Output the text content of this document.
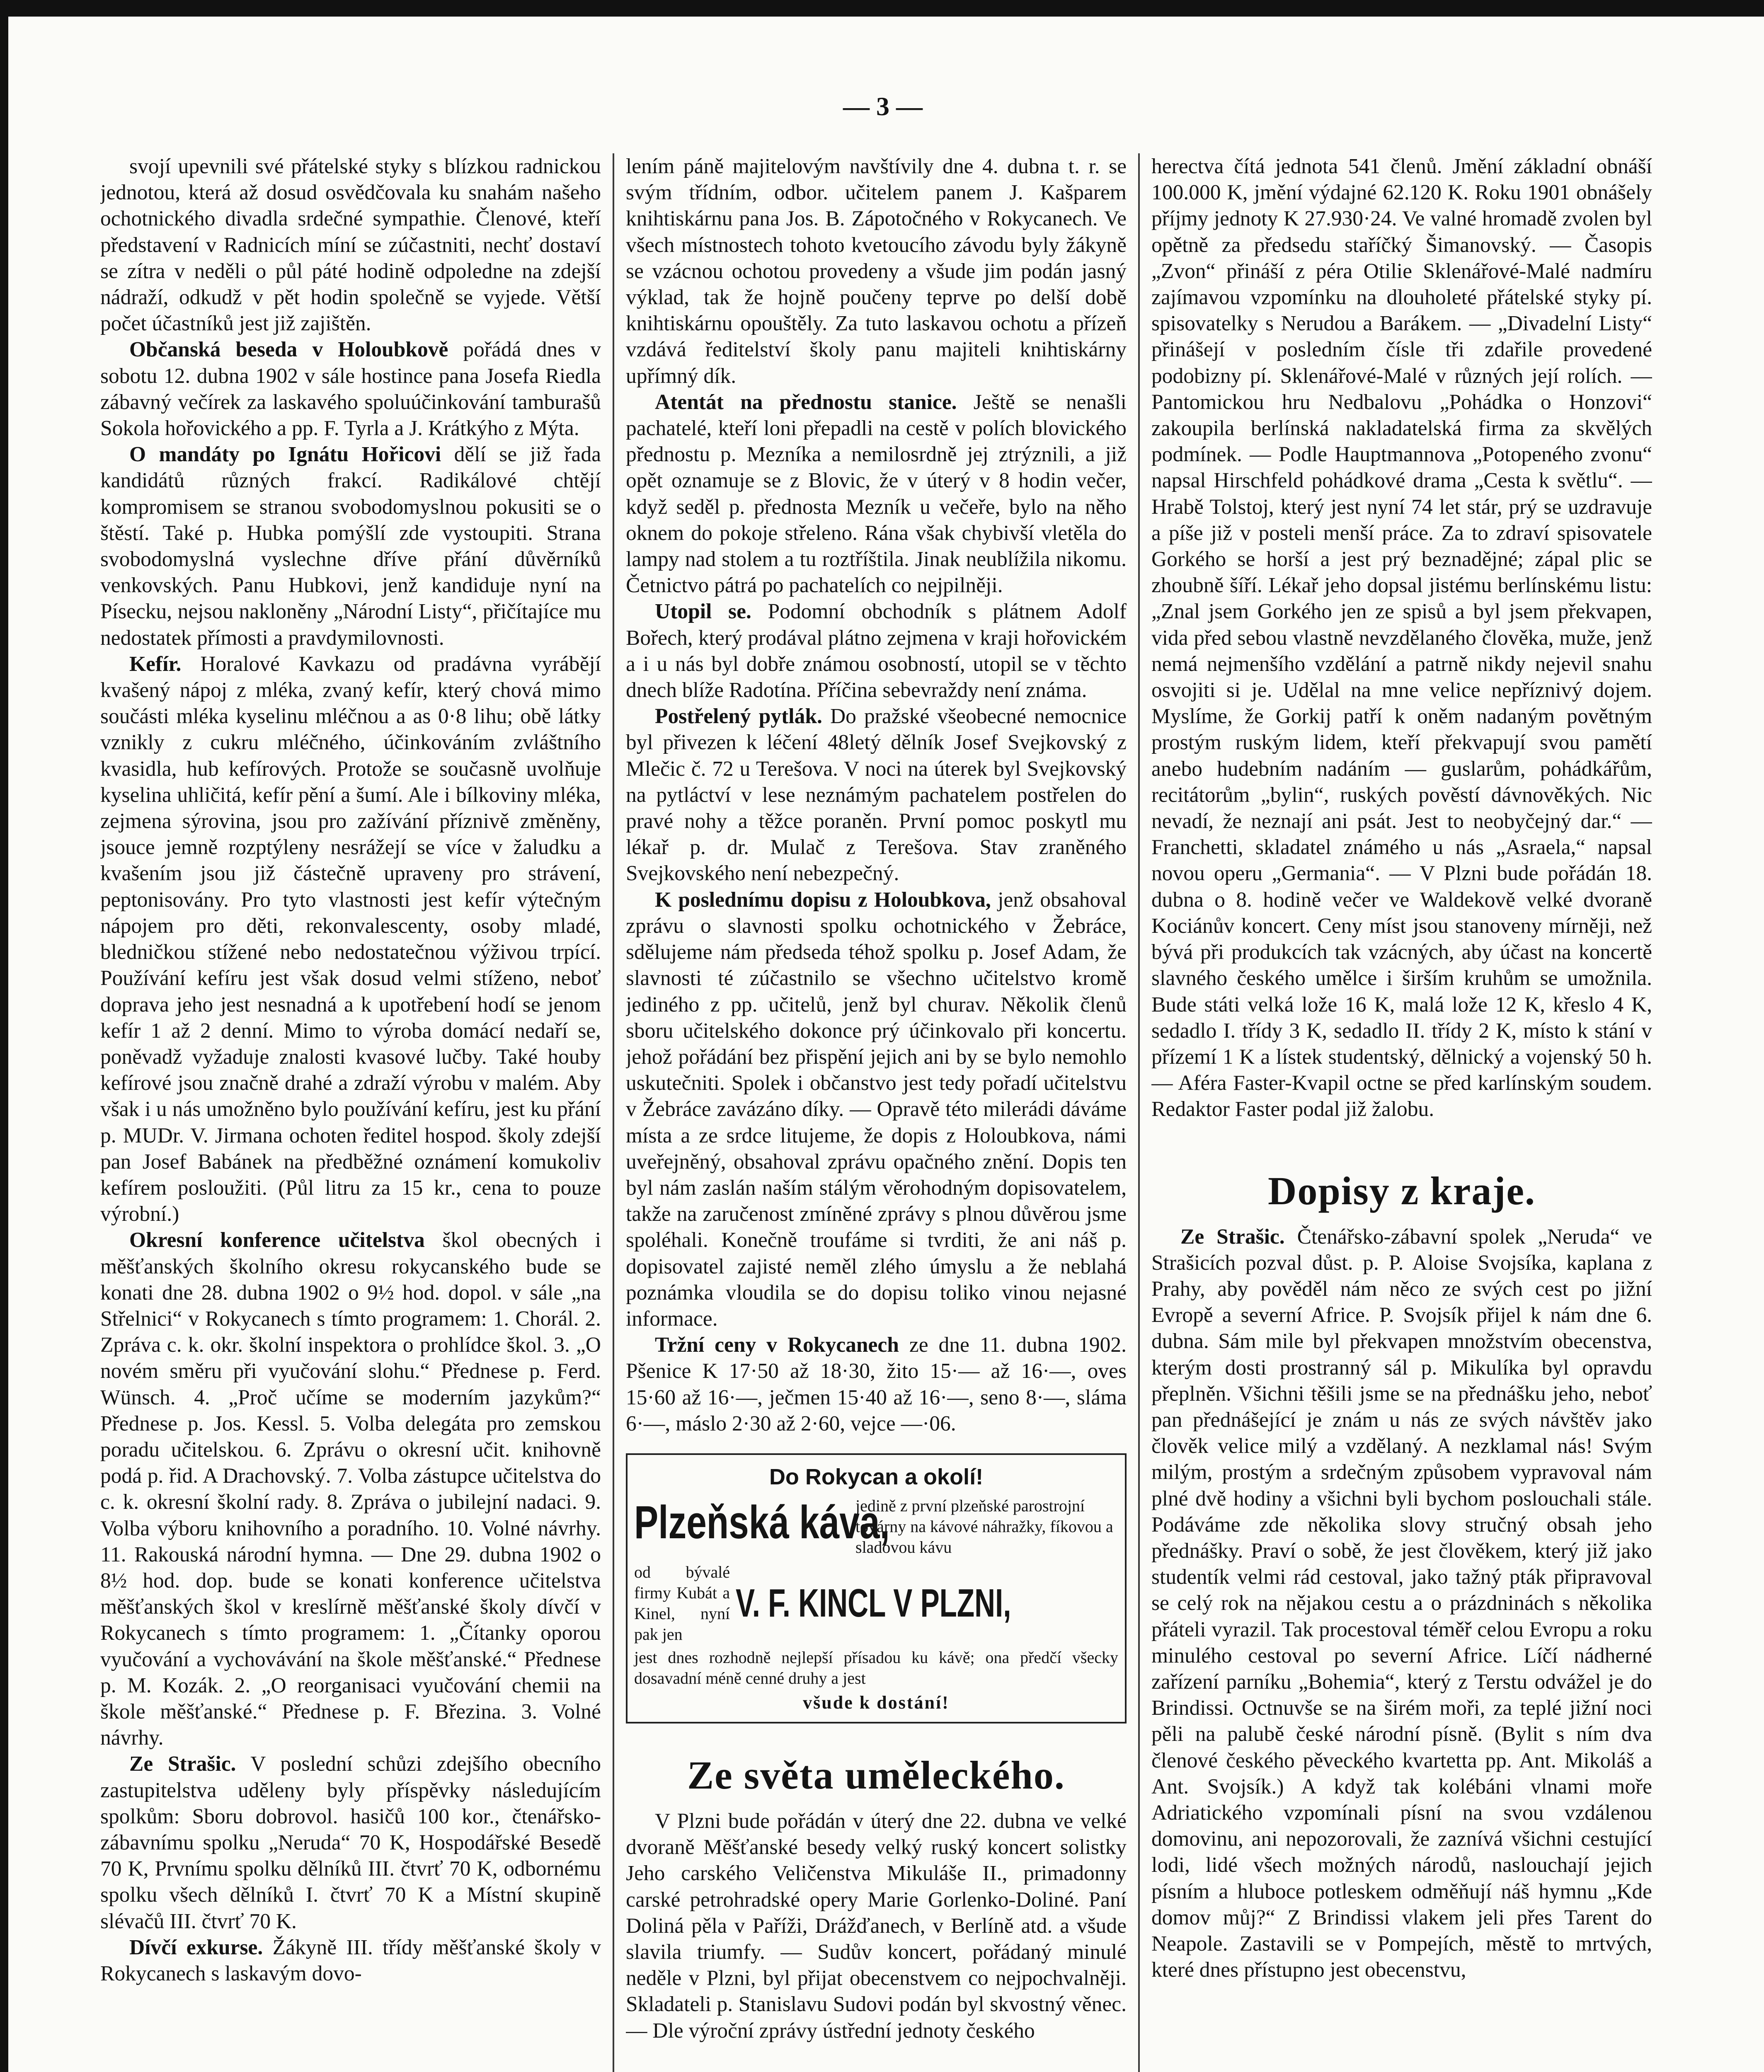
— 3 —

svojí upevnili své přátelské styky s blízkou radnickou jednotou, která až dosud osvědčovala ku snahám našeho ochotnického divadla srdečné sympathie. Členové, kteří představení v Radnicích míní se zúčastniti, nechť dostaví se zítra v neděli o půl páté hodině odpoledne na zdejší nádraží, odkudž v pět hodin společně se vyjede. Větší počet účastníků jest již zajištěn.

Občanská beseda v Holoubkově pořádá dnes v sobotu 12. dubna 1902 v sále hostince pana Josefa Riedla zábavný večírek za laskavého spoluúčinkování tamburašů Sokola hořovického a pp. F. Tyrla a J. Krátkýho z Mýta.

O mandáty po Ignátu Hořicovi dělí se již řada kandidátů různých frakcí. Radikálové chtějí kompromisem se stranou svobodomyslnou pokusiti se o štěstí. Také p. Hubka pomýšlí zde vystoupiti. Strana svobodomyslná vyslechne dříve přání důvěrníků venkovských. Panu Hubkovi, jenž kandiduje nyní na Písecku, nejsou nakloněny „Národní Listy“, přičítajíce mu nedostatek přímosti a pravdymilovnosti.

Kefír. Horalové Kavkazu od pradávna vyrábějí kvašený nápoj z mléka, zvaný kefír, který chová mimo součásti mléka kyselinu mléčnou a as 0·8 lihu; obě látky vznikly z cukru mléčného, účinkováním zvláštního kvasidla, hub kefírových. Protože se současně uvolňuje kyselina uhličitá, kefír pění a šumí. Ale i bílkoviny mléka, zejmena sýrovina, jsou pro zažívání příznivě změněny, jsouce jemně rozptýleny nesrážejí se více v žaludku a kvašením jsou již částečně upraveny pro strávení, peptonisovány. Pro tyto vlastnosti jest kefír výtečným nápojem pro děti, rekonvalescenty, osoby mladé, bledničkou stížené nebo nedostatečnou výživou trpící. Používání kefíru jest však dosud velmi stíženo, neboť doprava jeho jest nesnadná a k upotřebení hodí se jenom kefír 1 až 2 denní. Mimo to výroba domácí nedaří se, poněvadž vyžaduje znalosti kvasové lučby. Také houby kefírové jsou značně drahé a zdraží výrobu v malém. Aby však i u nás umožněno bylo používání kefíru, jest ku přání p. MUDr. V. Jirmana ochoten ředitel hospod. školy zdejší pan Josef Babánek na předběžné oznámení komukoliv kefírem posloužiti. (Půl litru za 15 kr., cena to pouze výrobní.)

Okresní konference učitelstva škol obecných i měšťanských školního okresu rokycanského bude se konati dne 28. dubna 1902 o 9½ hod. dopol. v sále „na Střelnici“ v Rokycanech s tímto programem: 1. Chorál. 2. Zpráva c. k. okr. školní inspektora o prohlídce škol. 3. „O novém směru při vyučování slohu.“ Přednese p. Ferd. Wünsch. 4. „Proč učíme se moderním jazykům?“ Přednese p. Jos. Kessl. 5. Volba delegáta pro zemskou poradu učitelskou. 6. Zprávu o okresní učit. knihovně podá p. řid. A Drachovský. 7. Volba zástupce učitelstva do c. k. okresní školní rady. 8. Zpráva o jubilejní nadaci. 9. Volba výboru knihovního a poradního. 10. Volné návrhy. 11. Rakouská národní hymna. — Dne 29. dubna 1902 o 8½ hod. dop. bude se konati konference učitelstva měšťanských škol v kreslírně měšťanské školy dívčí v Rokycanech s tímto programem: 1. „Čítanky oporou vyučování a vychovávání na škole měšťanské.“ Přednese p. M. Kozák. 2. „O reorganisaci vyučování chemii na škole měšťanské.“ Přednese p. F. Březina. 3. Volné návrhy.

Ze Strašic. V poslední schůzi zdejšího obecního zastupitelstva uděleny byly příspěvky následujícím spolkům: Sboru dobrovol. hasičů 100 kor., čtenářsko-zábavnímu spolku „Neruda“ 70 K, Hospodářské Besedě 70 K, Prvnímu spolku dělníků III. čtvrť 70 K, odbornému spolku všech dělníků I. čtvrť 70 K a Místní skupině slévačů III. čtvrť 70 K.

Dívčí exkurse. Žákyně III. třídy měšťanské školy v Rokycanech s laskavým dovo-

lením páně majitelovým navštívily dne 4. dubna t. r. se svým třídním, odbor. učitelem panem J. Kašparem knihtiskárnu pana Jos. B. Zápotočného v Rokycanech. Ve všech místnostech tohoto kvetoucího závodu byly žákyně se vzácnou ochotou provedeny a všude jim podán jasný výklad, tak že hojně poučeny teprve po delší době knihtiskárnu opouštěly. Za tuto laskavou ochotu a přízeň vzdává ředitelství školy panu majiteli knihtiskárny upřímný dík.

Atentát na přednostu stanice. Ještě se nenašli pachatelé, kteří loni přepadli na cestě v polích blovického přednostu p. Mezníka a nemilosrdně jej ztrýznili, a již opět oznamuje se z Blovic, že v úterý v 8 hodin večer, když seděl p. přednosta Mezník u večeře, bylo na něho oknem do pokoje střeleno. Rána však chybivší vletěla do lampy nad stolem a tu roztříštila. Jinak neublížila nikomu. Četnictvo pátrá po pachatelích co nejpilněji.

Utopil se. Podomní obchodník s plátnem Adolf Bořech, který prodával plátno zejmena v kraji hořovickém a i u nás byl dobře známou osobností, utopil se v těchto dnech blíže Radotína. Příčina sebevraždy není známa.

Postřelený pytlák. Do pražské všeobecné nemocnice byl přivezen k léčení 48letý dělník Josef Svejkovský z Mlečic č. 72 u Terešova. V noci na úterek byl Svejkovský na pytláctví v lese neznámým pachatelem postřelen do pravé nohy a těžce poraněn. První pomoc poskytl mu lékař p. dr. Mulač z Terešova. Stav zraněného Svejkovského není nebezpečný.

K poslednímu dopisu z Holoubkova, jenž obsahoval zprávu o slavnosti spolku ochotnického v Žebráce, sdělujeme nám předseda téhož spolku p. Josef Adam, že slavnosti té zúčastnilo se všechno učitelstvo kromě jediného z pp. učitelů, jenž byl churav. Několik členů sboru učitelského dokonce prý účinkovalo při koncertu. jehož pořádání bez přispění jejich ani by se bylo nemohlo uskutečniti. Spolek i občanstvo jest tedy pořadí učitelstvu v Žebráce zavázáno díky. — Opravě této milerádi dáváme místa a ze srdce litujeme, že dopis z Holoubkova, námi uveřejněný, obsahoval zprávu opačného znění. Dopis ten byl nám zaslán naším stálým věrohodným dopisovatelem, takže na zaručenost zmíněné zprávy s plnou důvěrou jsme spoléhali. Konečně troufáme si tvrditi, že ani náš p. dopisovatel zajisté neměl zlého úmyslu a že neblahá poznámka vloudila se do dopisu toliko vinou nejasné informace.

Tržní ceny v Rokycanech ze dne 11. dubna 1902. Pšenice K 17·50 až 18·30, žito 15·— až 16·—, oves 15·60 až 16·—, ječmen 15·40 až 16·—, seno 8·—, sláma 6·—, máslo 2·30 až 2·60, vejce —·06.

Do Rokycan a okolí!
Plzeňská káva,
jedině z první plzeňské parostrojní továrny na kávové náhražky, fíkovou a sladovou kávu
od bývalé firmy Kubát a Kinel, nyní pak jen
V. F. KINCL V PLZNI,
jest dnes rozhodně nejlepší přísadou ku kávě; ona předčí všecky dosavadní méně cenné druhy a jest
všude k dostání!
Ze světa uměleckého.

V Plzni bude pořádán v úterý dne 22. dubna ve velké dvoraně Měšťanské besedy velký ruský koncert solistky Jeho carského Veličenstva Mikuláše II., primadonny carské petrohradské opery Marie Gorlenko-Doliné. Paní Doliná pěla v Paříži, Drážďanech, v Berlíně atd. a všude slavila triumfy. — Sudův koncert, pořádaný minulé neděle v Plzni, byl přijat obecenstvem co nejpochvalněji. Skladateli p. Stanislavu Sudovi podán byl skvostný věnec. — Dle výroční zprávy ústřední jednoty českého

herectva čítá jednota 541 členů. Jmění základní obnáší 100.000 K, jmění výdajné 62.120 K. Roku 1901 obnášely příjmy jednoty K 27.930·24. Ve valné hromadě zvolen byl opětně za předsedu staříčký Šimanovský. — Časopis „Zvon“ přináší z péra Otilie Sklenářové-Malé nadmíru zajímavou vzpomínku na dlouholeté přátelské styky pí. spisovatelky s Nerudou a Barákem. — „Divadelní Listy“ přinášejí v posledním čísle tři zdařile provedené podobizny pí. Sklenářové-Malé v různých její rolích. — Pantomickou hru Nedbalovu „Pohádka o Honzovi“ zakoupila berlínská nakladatelská firma za skvělých podmínek. — Podle Hauptmannova „Potopeného zvonu“ napsal Hirschfeld pohádkové drama „Cesta k světlu“. — Hrabě Tolstoj, který jest nyní 74 let stár, prý se uzdravuje a píše již v posteli menší práce. Za to zdraví spisovatele Gorkého se horší a jest prý beznadějné; zápal plic se zhoubně šíří. Lékař jeho dopsal jistému berlínskému listu: „Znal jsem Gorkého jen ze spisů a byl jsem překvapen, vida před sebou vlastně nevzdělaného člověka, muže, jenž nemá nejmenšího vzdělání a patrně nikdy nejevil snahu osvojiti si je. Udělal na mne velice nepříznivý dojem. Myslíme, že Gorkij patří k oněm nadaným povětným prostým ruským lidem, kteří překvapují svou pamětí anebo hudebním nadáním — guslarům, pohádkářům, recitátorům „bylin“, ruských pověstí dávnověkých. Nic nevadí, že neznají ani psát. Jest to neobyčejný dar.“ — Franchetti, skladatel známého u nás „Asraela,“ napsal novou operu „Germania“. — V Plzni bude pořádán 18. dubna o 8. hodině večer ve Waldekově velké dvoraně Kociánův koncert. Ceny míst jsou stanoveny mírněji, než bývá při produkcích tak vzácných, aby účast na koncertě slavného českého umělce i širším kruhům se umožnila. Bude státi velká lože 16 K, malá lože 12 K, křeslo 4 K, sedadlo I. třídy 3 K, sedadlo II. třídy 2 K, místo k stání v přízemí 1 K a lístek studentský, dělnický a vojenský 50 h. — Aféra Faster-Kvapil octne se před karlínským soudem. Redaktor Faster podal již žalobu.

Dopisy z kraje.

Ze Strašic. Čtenářsko-zábavní spolek „Neruda“ ve Strašicích pozval důst. p. P. Aloise Svojsíka, kaplana z Prahy, aby pověděl nám něco ze svých cest po jižní Evropě a severní Africe. P. Svojsík přijel k nám dne 6. dubna. Sám mile byl překvapen množstvím obecenstva, kterým dosti prostranný sál p. Mikulíka byl opravdu přeplněn. Všichni těšili jsme se na přednášku jeho, neboť pan přednášející je znám u nás ze svých návštěv jako člověk velice milý a vzdělaný. A nezklamal nás! Svým milým, prostým a srdečným způsobem vypravoval nám plné dvě hodiny a všichni byli bychom poslouchali stále. Podáváme zde několika slovy stručný obsah jeho přednášky. Praví o sobě, že jest člověkem, který již jako studentík velmi rád cestoval, jako tažný pták připravoval se celý rok na nějakou cestu a o prázdninách s několika přáteli vyrazil. Tak procestoval téměř celou Evropu a roku minulého cestoval po severní Africe. Líčí nádherné zařízení parníku „Bohemia“, který z Terstu odvážel je do Brindissi. Octnuvše se na širém moři, za teplé jižní noci pěli na palubě české národní písně. (Bylit s ním dva členové českého pěveckého kvartetta pp. Ant. Mikoláš a Ant. Svojsík.) A když tak kolébáni vlnami moře Adriatického vzpomínali písní na svou vzdálenou domovinu, ani nepozorovali, že zaznívá všichni cestující lodi, lidé všech možných národů, naslouchají jejich písním a hluboce potleskem odměňují náš hymnu „Kde domov můj?“ Z Brindissi vlakem jeli přes Tarent do Neapole. Zastavili se v Pompejích, městě to mrtvých, které dnes přístupno jest obecenstvu,
